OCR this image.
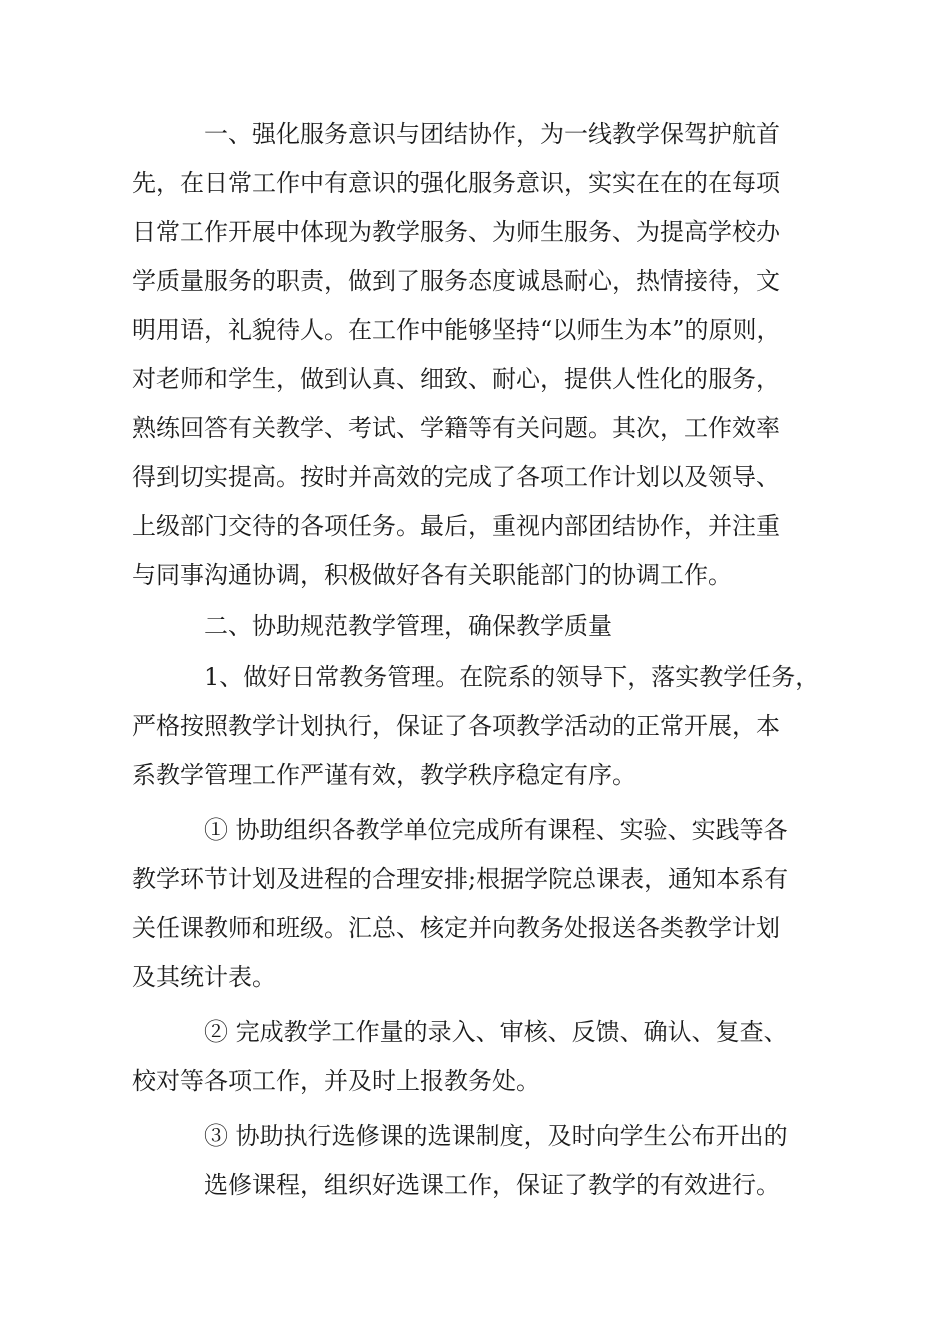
一、强化服务意识与团结协作，为一线教学保驾护航首
先，在日常工作中有意识的强化服务意识，实实在在的在每项
日常工作开展中体现为教学服务、为师生服务、为提高学校办
学质量服务的职责，做到了服务态度诚恳耐心，热情接待，文
明用语，礼貌待人。在工作中能够坚持“以师生为本”的原则，
对老师和学生，做到认真、细致、耐心，提供人性化的服务，
熟练回答有关教学、考试、学籍等有关问题。其次，工作效率
得到切实提高。按时并高效的完成了各项工作计划以及领导、
上级部门交待的各项任务。最后，重视内部团结协作，并注重
与同事沟通协调，积极做好各有关职能部门的协调工作。
二、协助规范教学管理，确保教学质量
1、做好日常教务管理。在院系的领导下，落实教学任务，
严格按照教学计划执行，保证了各项教学活动的正常开展，本
系教学管理工作严谨有效，教学秩序稳定有序。
① 协助组织各教学单位完成所有课程、实验、实践等各
教学环节计划及进程的合理安排;根据学院总课表，通知本系有
关任课教师和班级。汇总、核定并向教务处报送各类教学计划
及其统计表。
② 完成教学工作量的录入、审核、反馈、确认、复查、
校对等各项工作，并及时上报教务处。
③ 协助执行选修课的选课制度，及时向学生公布开出的
选修课程，组织好选课工作，保证了教学的有效进行。
